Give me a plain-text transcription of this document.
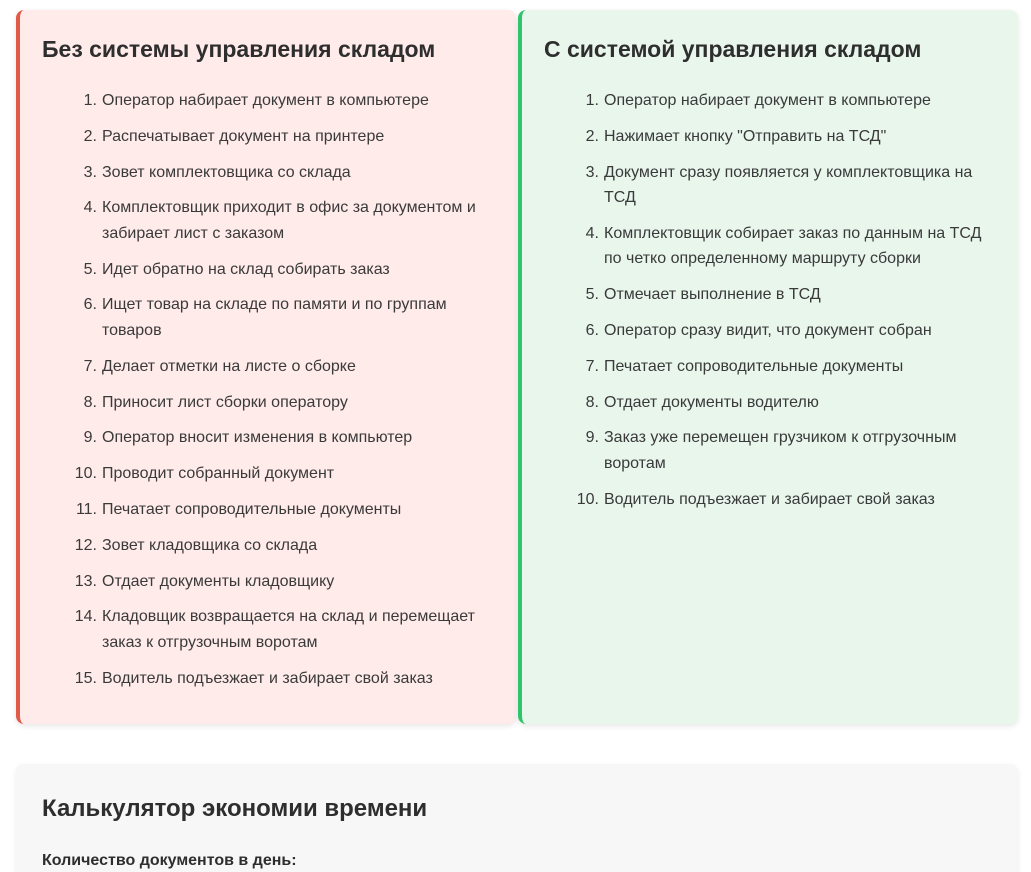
Без системы управления складом
Оператор набирает документ в компьютере
Распечатывает документ на принтере
Зовет комплектовщика со склада
Комплектовщик приходит в офис за документом и забирает лист с заказом
Идет обратно на склад собирать заказ
Ищет товар на складе по памяти и по группам товаров
Делает отметки на листе о сборке
Приносит лист сборки оператору
Оператор вносит изменения в компьютер
Проводит собранный документ
Печатает сопроводительные документы
Зовет кладовщика со склада
Отдает документы кладовщику
Кладовщик возвращается на склад и перемещает заказ к отгрузочным воротам
Водитель подъезжает и забирает свой заказ
С системой управления складом
Оператор набирает документ в компьютере
Нажимает кнопку "Отправить на ТСД"
Документ сразу появляется у комплектовщика на ТСД
Комплектовщик собирает заказ по данным на ТСД по четко определенному маршруту сборки
Отмечает выполнение в ТСД
Оператор сразу видит, что документ собран
Печатает сопроводительные документы
Отдает документы водителю
Заказ уже перемещен грузчиком к отгрузочным воротам
Водитель подъезжает и забирает свой заказ
Калькулятор экономии времени
Количество документов в день:
